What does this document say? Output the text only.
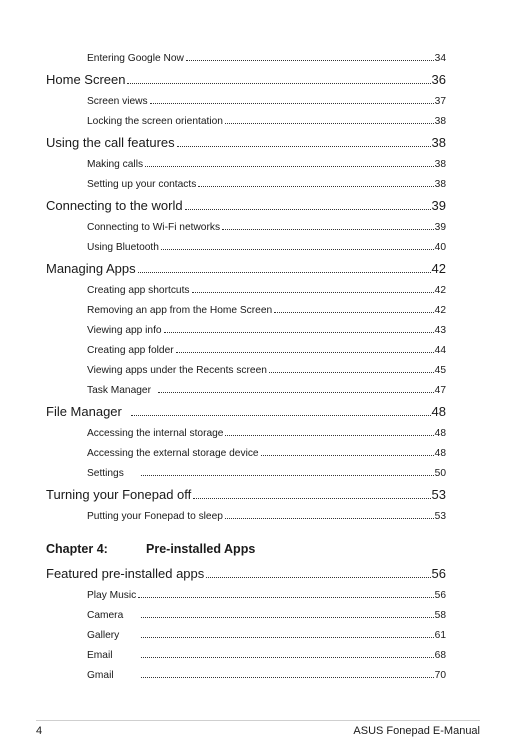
Entering Google Now	34
Home Screen	36
Screen views	37
Locking the screen orientation	38
Using the call features	38
Making calls	38
Setting up your contacts	38
Connecting to the world	39
Connecting to Wi-Fi networks	39
Using Bluetooth	40
Managing Apps	42
Creating app shortcuts	42
Removing an app from the Home Screen	42
Viewing app info	43
Creating app folder	44
Viewing apps under the Recents screen	45
Task Manager	47
File Manager	48
Accessing the internal storage	48
Accessing the external storage device	48
Settings	50
Turning your Fonepad off	53
Putting your Fonepad to sleep	53
Chapter 4:	Pre-installed Apps
Featured pre-installed apps	56
Play Music	56
Camera	58
Gallery	61
Email	68
Gmail	70
4	ASUS Fonepad E-Manual
